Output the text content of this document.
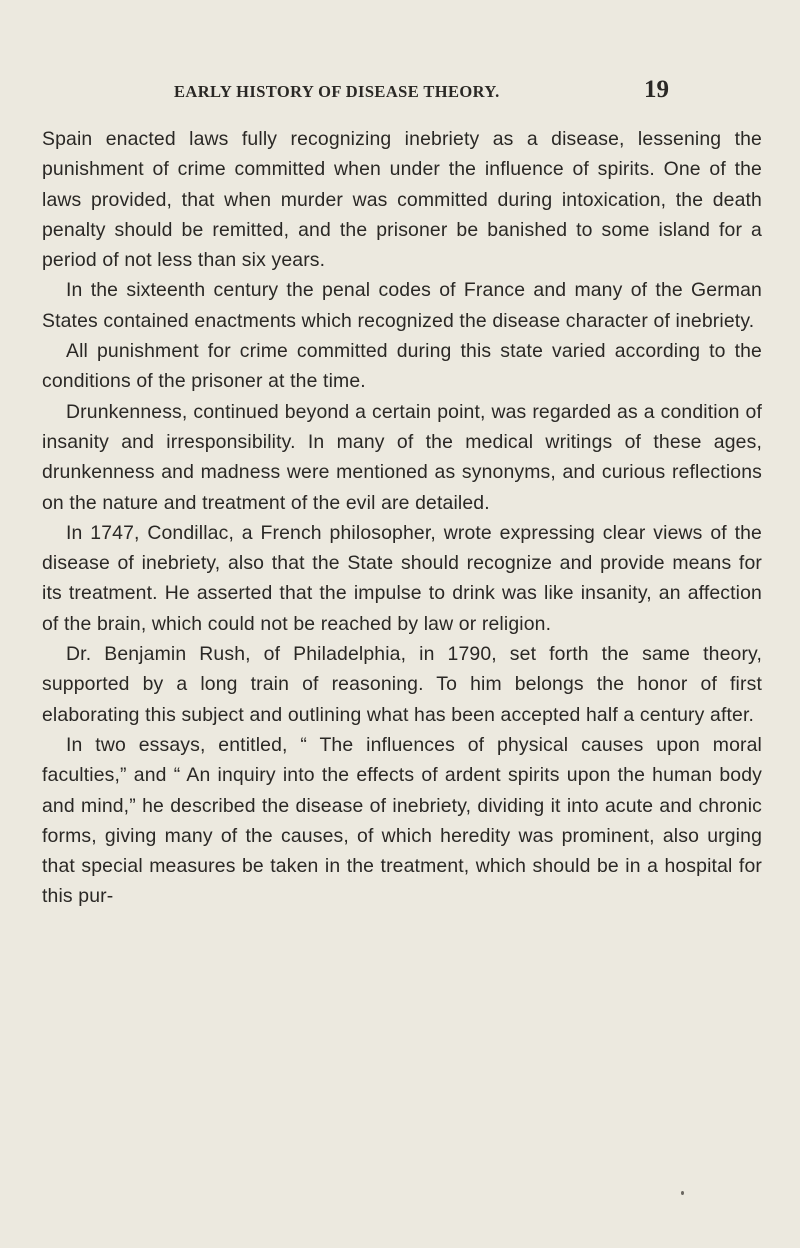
EARLY HISTORY OF DISEASE THEORY.	19

Spain enacted laws fully recognizing inebriety as a disease, lessening the punishment of crime committed when under the influence of spirits. One of the laws provided, that when murder was committed during intoxication, the death penalty should be remitted, and the prisoner be banished to some island for a period of not less than six years.

In the sixteenth century the penal codes of France and many of the German States contained enactments which recognized the disease character of inebriety.

All punishment for crime committed during this state varied according to the conditions of the prisoner at the time.

Drunkenness, continued beyond a certain point, was regarded as a condition of insanity and irresponsibility. In many of the medical writings of these ages, drunkenness and madness were mentioned as synonyms, and curious reflections on the nature and treatment of the evil are detailed.

In 1747, Condillac, a French philosopher, wrote expressing clear views of the disease of inebriety, also that the State should recognize and provide means for its treatment. He asserted that the impulse to drink was like insanity, an affection of the brain, which could not be reached by law or religion.

Dr. Benjamin Rush, of Philadelphia, in 1790, set forth the same theory, supported by a long train of reasoning. To him belongs the honor of first elaborating this subject and outlining what has been accepted half a century after.

In two essays, entitled, “ The influences of physical causes upon moral faculties,” and “ An inquiry into the effects of ardent spirits upon the human body and mind,” he described the disease of inebriety, dividing it into acute and chronic forms, giving many of the causes, of which heredity was prominent, also urging that special measures be taken in the treatment, which should be in a hospital for this pur-
